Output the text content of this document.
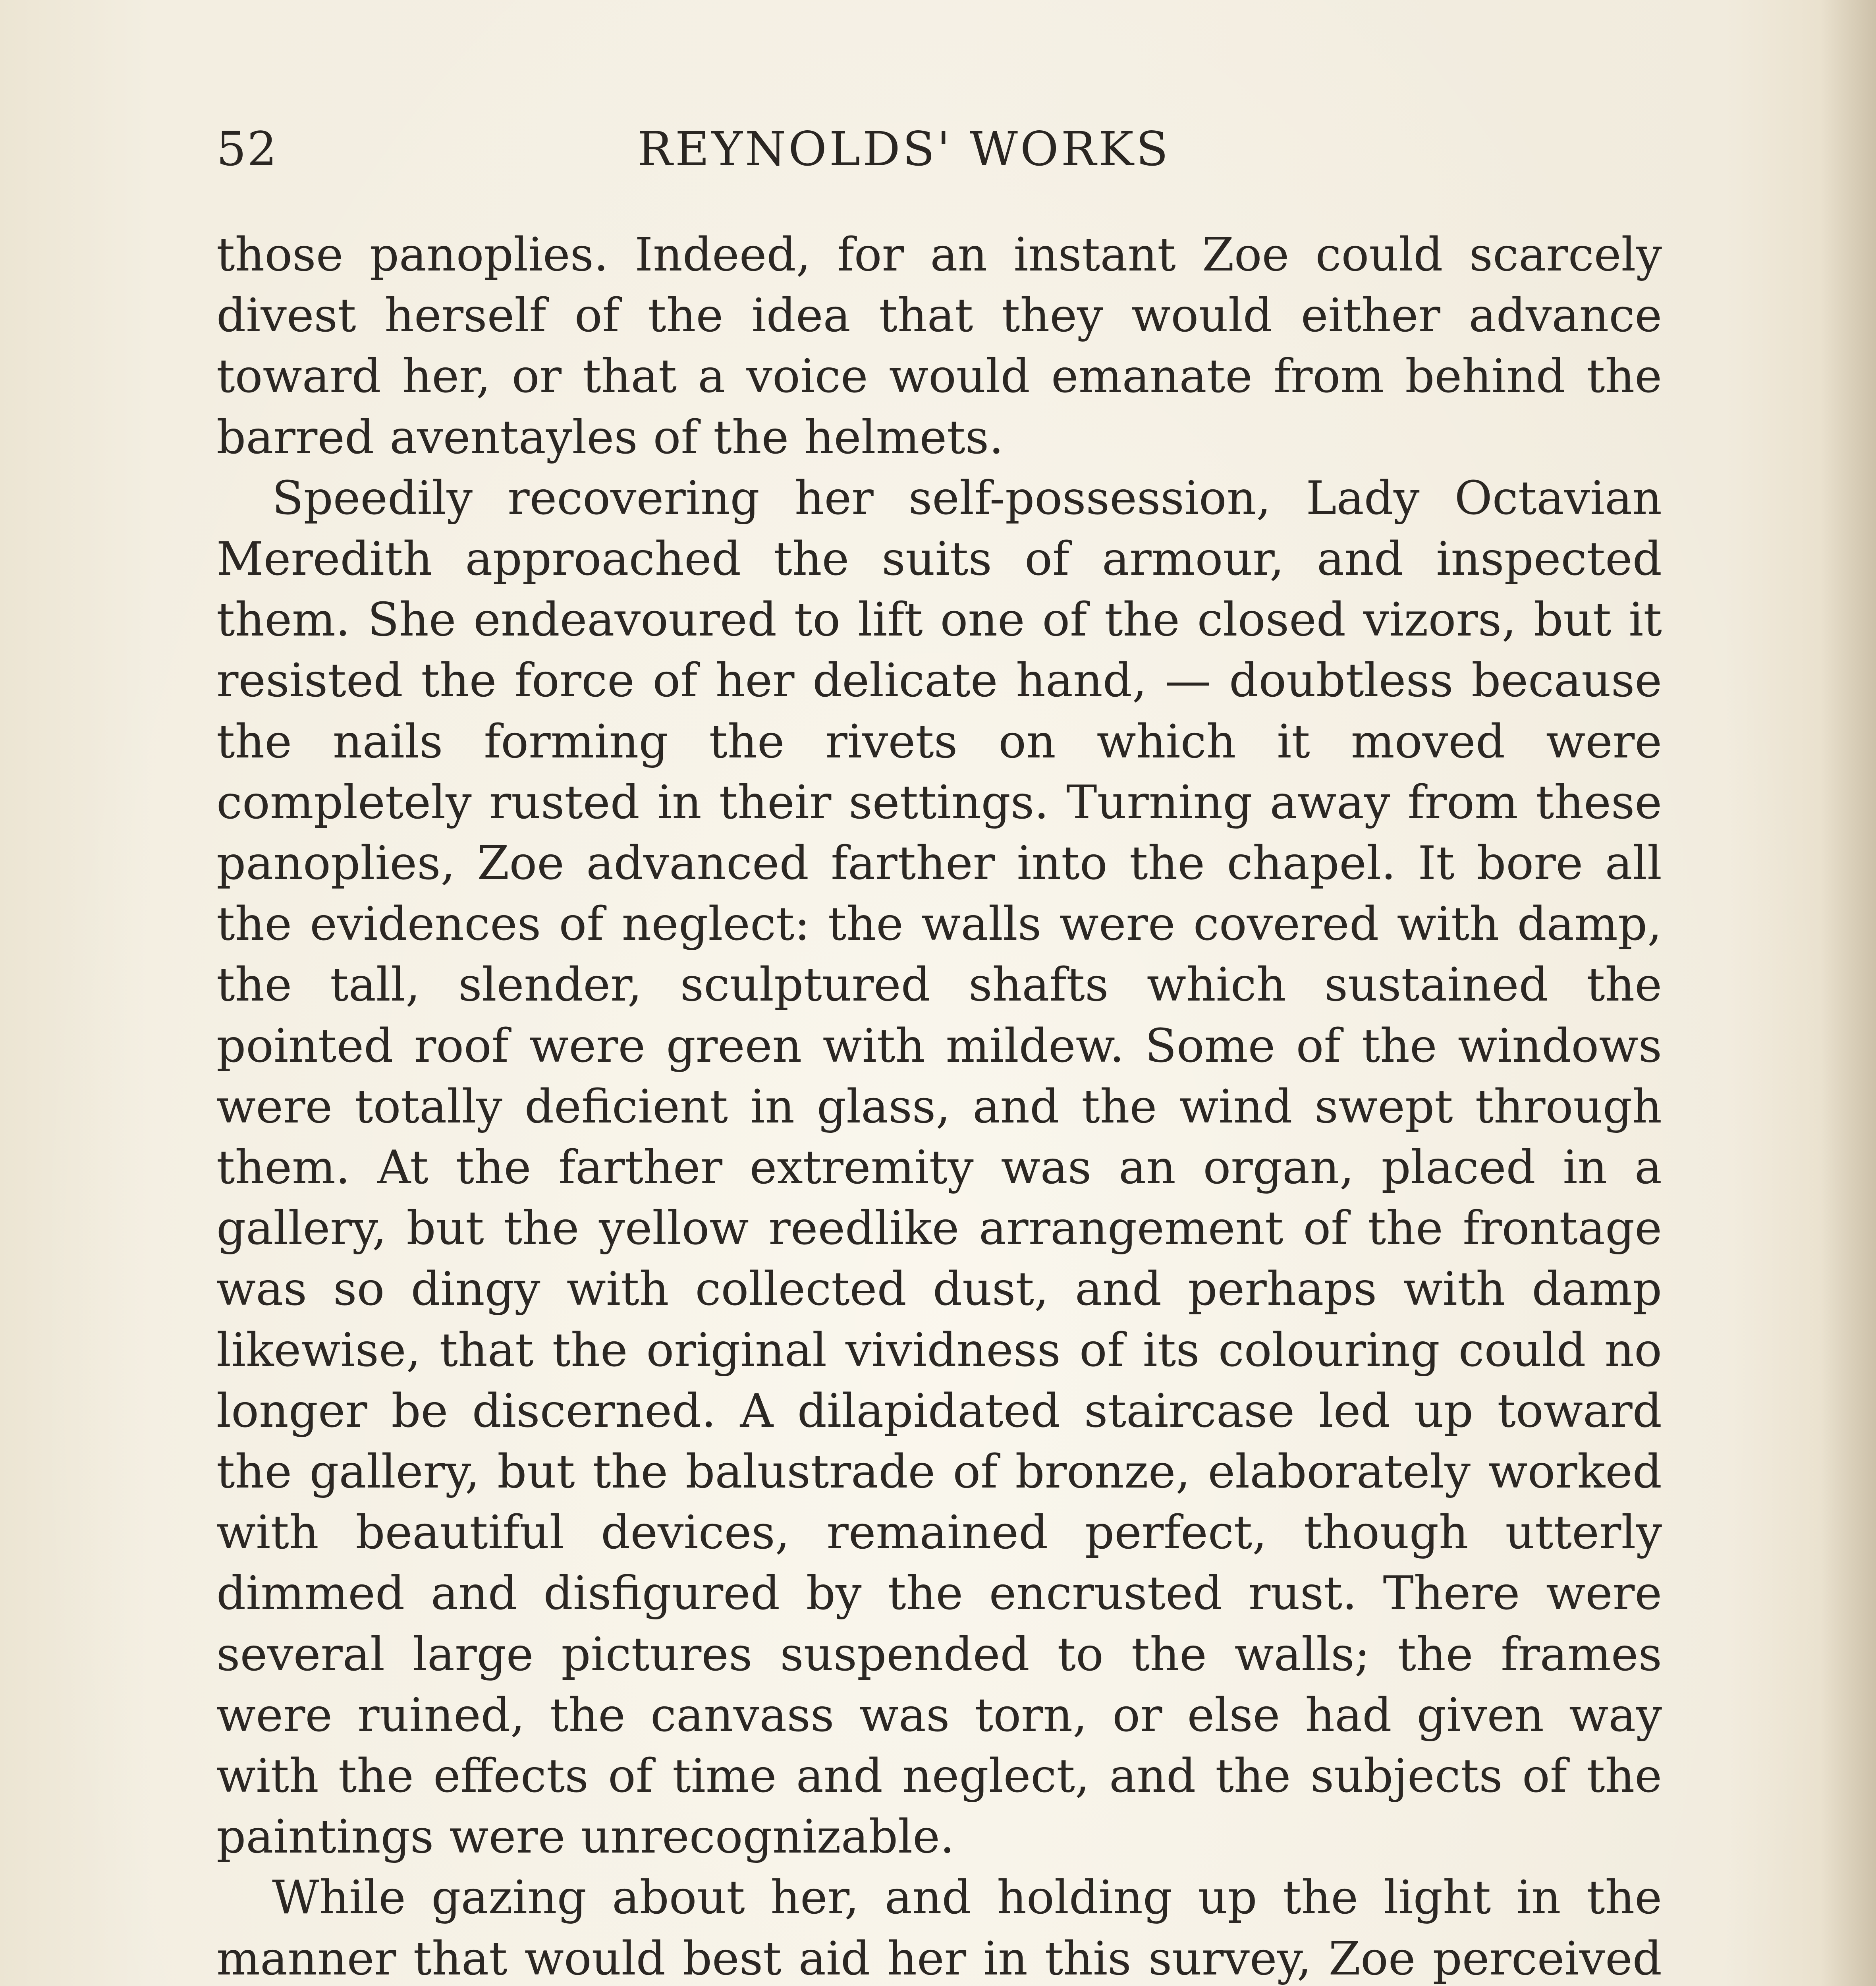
52	REYNOLDS' WORKS

those panoplies. Indeed, for an instant Zoe could scarcely divest herself of the idea that they would either advance toward her, or that a voice would emanate from behind the barred aventayles of the helmets.

Speedily recovering her self-possession, Lady Octavian Meredith approached the suits of armour, and inspected them. She endeavoured to lift one of the closed vizors, but it resisted the force of her delicate hand, — doubtless because the nails forming the rivets on which it moved were completely rusted in their settings. Turning away from these panoplies, Zoe advanced farther into the chapel. It bore all the evidences of neglect: the walls were covered with damp, the tall, slender, sculptured shafts which sustained the pointed roof were green with mildew. Some of the windows were totally deficient in glass, and the wind swept through them. At the farther extremity was an organ, placed in a gallery, but the yellow reedlike arrangement of the frontage was so dingy with collected dust, and perhaps with damp likewise, that the original vividness of its colouring could no longer be discerned. A dilapidated staircase led up toward the gallery, but the balustrade of bronze, elaborately worked with beautiful devices, remained perfect, though utterly dimmed and disfigured by the encrusted rust. There were several large pictures suspended to the walls; the frames were ruined, the canvass was torn, or else had given way with the effects of time and neglect, and the subjects of the paintings were unrecognizable.

While gazing about her, and holding up the light in the manner that would best aid her in this survey, Zoe perceived
